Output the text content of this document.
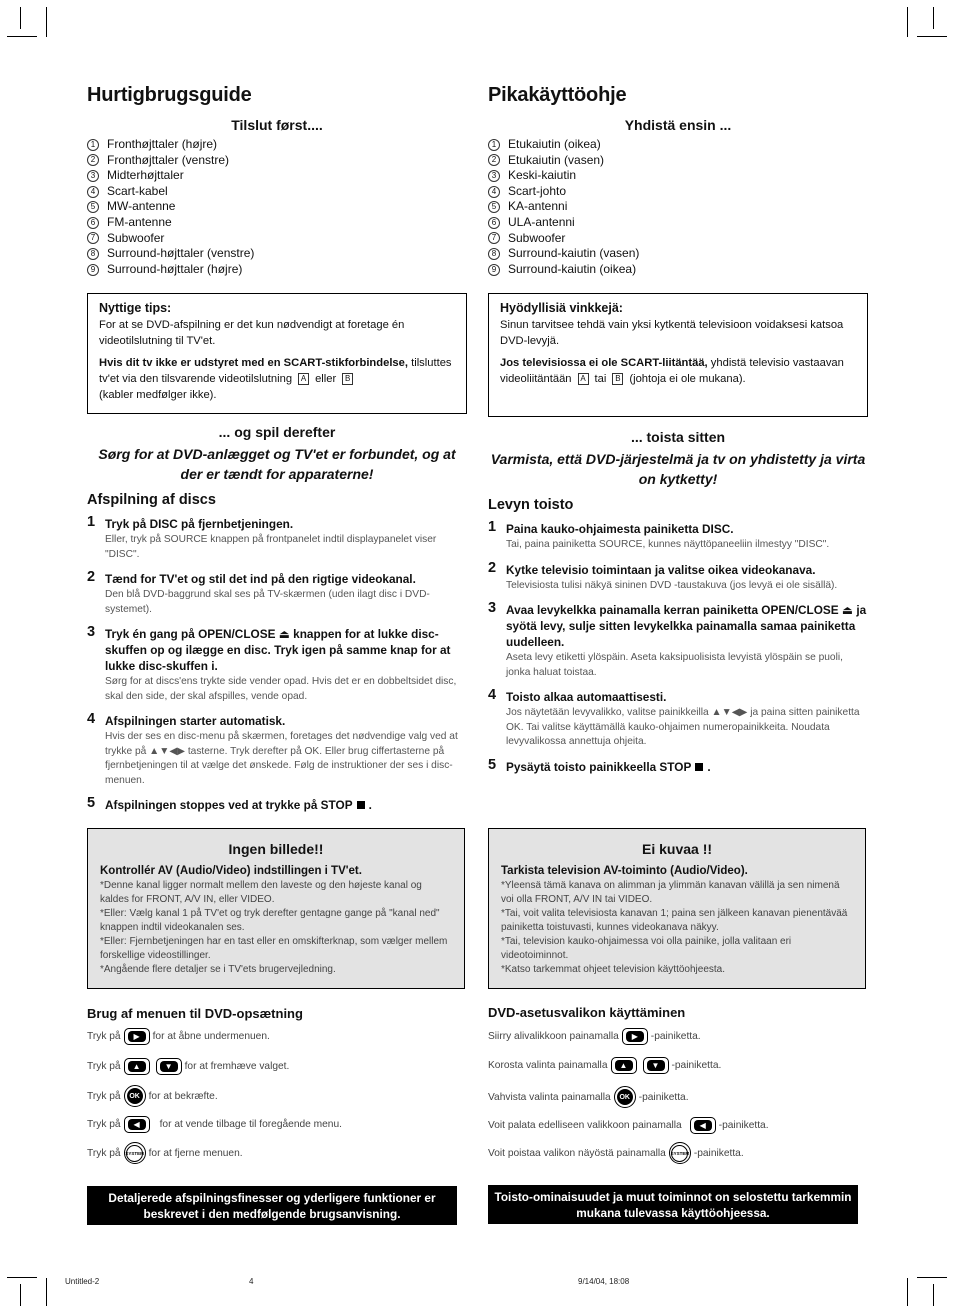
Hurtigbrugsguide
Tilslut først....
1 Fronthøjttaler (højre)
2 Fronthøjttaler (venstre)
3 Midterhøjttaler
4 Scart-kabel
5 MW-antenne
6 FM-antenne
7 Subwoofer
8 Surround-højttaler (venstre)
9 Surround-højttaler (højre)
Nyttige tips:

For at se DVD-afspilning er det kun nødvendigt at foretage én videotilslutning til TV'et.

Hvis dit tv ikke er udstyret med en SCART-stikforbindelse, tilsluttes tv'et via den tilsvarende videotilslutning A eller B
(kabler medfølger ikke).

... og spil derefter
Sørg for at DVD-anlægget og TV'et er forbundet, og at der er tændt for apparaterne!
Afspilning af discs
1 Tryk på DISC på fjernbetjeningen.
Eller, tryk på SOURCE knappen på frontpanelet indtil displaypanelet viser "DISC".
2 Tænd for TV'et og stil det ind på den rigtige videokanal.
Den blå DVD-baggrund skal ses på TV-skærmen (uden ilagt disc i DVD-systemet).
3 Tryk én gang på OPEN/CLOSE ⏏ knappen for at lukke disc-skuffen op og ilægge en disc. Tryk igen på samme knap for at lukke disc-skuffen i.
Sørg for at discs'ens trykte side vender opad. Hvis det er en dobbeltsidet disc, skal den side, der skal afspilles, vende opad.
4 Afspilningen starter automatisk.
Hvis der ses en disc-menu på skærmen, foretages det nødvendige valg ved at trykke på ▲▼◀▶ tasterne. Tryk derefter på OK. Eller brug ciffertasterne på fjernbetjeningen til at vælge det ønskede. Følg de instruktioner der ses i disc-menuen.
5 Afspilningen stoppes ved at trykke på STOP .
Pikakäyttöohje
Yhdistä ensin ...
1 Etukaiutin (oikea)
2 Etukaiutin (vasen)
3 Keski-kaiutin
4 Scart-johto
5 KA-antenni
6 ULA-antenni
7 Subwoofer
8 Surround-kaiutin (vasen)
9 Surround-kaiutin (oikea)
Hyödyllisiä vinkkejä:

Sinun tarvitsee tehdä vain yksi kytkentä televisioon voidaksesi katsoa DVD-levyjä.

Jos televisiossa ei ole SCART-liitäntää, yhdistä televisio vastaavan videoliitäntään A tai B (johtoja ei ole mukana).

... toista sitten
Varmista, että DVD-järjestelmä ja tv on yhdistetty ja virta on kytketty!
Levyn toisto
1 Paina kauko-ohjaimesta painiketta DISC.
Tai, paina painiketta SOURCE, kunnes näyttöpaneeliin ilmestyy "DISC".
2 Kytke televisio toimintaan ja valitse oikea videokanava.
Televisiosta tulisi näkyä sininen DVD -taustakuva (jos levyä ei ole sisällä).
3 Avaa levykelkka painamalla kerran painiketta OPEN/CLOSE ⏏ ja syötä levy, sulje sitten levykelkka painamalla samaa painiketta uudelleen.
Aseta levy etiketti ylöspäin. Aseta kaksipuolisista levyistä ylöspäin se puoli, jonka haluat toistaa.
4 Toisto alkaa automaattisesti.
Jos näytetään levyvalikko, valitse painikkeilla ▲▼◀▶ ja paina sitten painiketta OK. Tai valitse käyttämällä kauko-ohjaimen numeropainikkeita. Noudata levyvalikossa annettuja ohjeita.
5 Pysäytä toisto painikkeella STOP .
Ingen billede!!
Kontrollér AV (Audio/Video) indstillingen i TV'et.
*Denne kanal ligger normalt mellem den laveste og den højeste kanal og kaldes for FRONT, A/V IN, eller VIDEO.
*Eller: Vælg kanal 1 på TV'et og tryk derefter gentagne gange på "kanal ned" knappen indtil videokanalen ses.
*Eller: Fjernbetjeningen har en tast eller en omskifterknap, som vælger mellem forskellige videostillinger.
*Angående flere detaljer se i TV'ets brugervejledning.
Ei kuvaa !!
Tarkista television AV-toiminto (Audio/Video).
*Yleensä tämä kanava on alimman ja ylimmän kanavan välillä ja sen nimenä voi olla FRONT, A/V IN tai VIDEO.
*Tai, voit valita televisiosta kanavan 1; paina sen jälkeen kanavan pienentävää painiketta toistuvasti, kunnes videokanava näkyy.
*Tai, television kauko-ohjaimessa voi olla painike, jolla valitaan eri videotoiminnot.
*Katso tarkemmat ohjeet television käyttöohjeesta.
Brug af menuen til DVD-opsætning
Tryk på	▶	for at åbne undermenuen.
Tryk på	▲	▼	for at fremhæve valget.
Tryk på	OK for at bekræfte.
Tryk på	◀	for at vende tilbage til foregående menu.
Tryk på SYSTEM for at fjerne menuen.
DVD-asetusvalikon käyttäminen
Siirry alivalikkoon painamalla	▶	-painiketta.
Korosta valinta painamalla	▲	▼	-painiketta.
Vahvista valinta painamalla	OK -painiketta.
Voit palata edelliseen valikkoon painamalla	◀	-painiketta.
Voit poistaa valikon näyöstä painamalla SYSTEM -painiketta.
Detaljerede afspilningsfinesser og yderligere funktioner er beskrevet i den medfølgende brugsanvisning.
Toisto-ominaisuudet ja muut toiminnot on selostettu tarkemmin mukana tulevassa käyttöohjeessa.
Untitled-2	4	9/14/04, 18:08
